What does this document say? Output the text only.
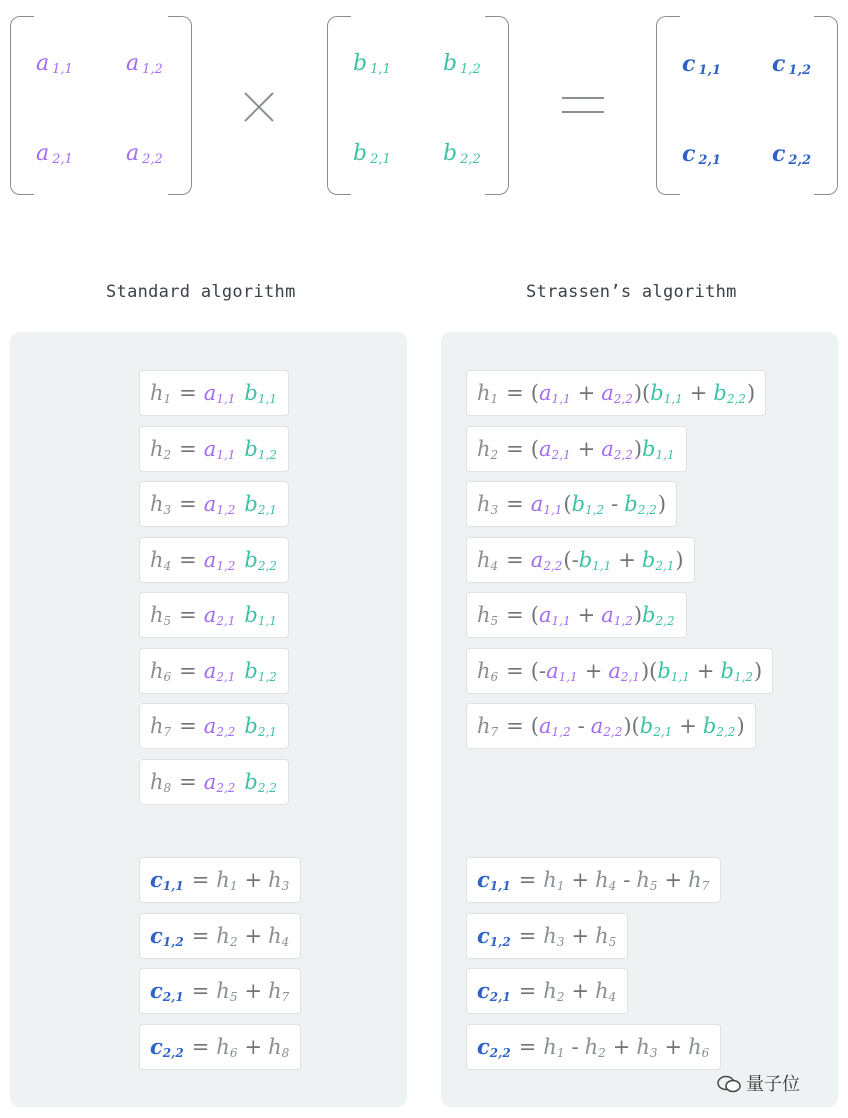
a $_{1,1}$ a $_{1,2}$
a $_{2,1}$ a $_{2,2}$
b $_{1,1}$ b $_{1,2}$
b $_{2,1}$ b $_{2,2}$
c $_{1,1}$ c $_{1,2}$
c $_{2,1}$ c $_{2,2}$
Standard algorithm	Strassen’s algorithm
$h_1 = a_{1,1}$ $b_{1,1}$
$h_2 = a_{1,1}$ $b_{1,2}$
$h_3 = a_{1,2}$ $b_{2,1}$
$h_4 = a_{1,2}$ $b_{2,2}$
$h_5 = a_{2,1}$ $b_{1,1}$
$h_6 = a_{2,1}$ $b_{1,2}$
$h_7 = a_{2,2}$ $b_{2,1}$
$h_8 = a_{2,2}$ $b_{2,2}$
$c_{1,1} = h_1 + h_3$
$c_{1,2} = h_2 + h_4$
$c_{2,1} = h_5 + h_7$
$c_{2,2} = h_6 + h_8$
$h_1$ = ( $a_{1,1} + a_{2,2}$ ) ( $b_{1,1} + b_{2,2}$ )
$h_2$ = ( $a_{2,1} + a_{2,2}$ ) $b_{1,1}$
$h_3 = a_{1,1}$ ( $b_{1,2} - b_{2,2}$ )
$h_4 = a_{2,2}$ (- $b_{1,1} + b_{2,1}$ )
$h_5$ = ( $a_{1,1} + a_{1,2}$ ) $b_{2,2}$
$h_6$ = (- $a_{1,1} + a_{2,1}$ ) ( $b_{1,1} + b_{1,2}$ )
$h_7$ = ( $a_{1,2} - a_{2,2}$ )( $b_{2,1} + b_{2,2}$ )
$c_{1,1} = h_1 + h_4 - h_5 + h_7$
$c_{1,2} = h_3 + h_5$
$c_{2,1} = h_2 + h_4$
$c_{2,2} = h_1 - h_2 + h_3 + h_6$
量子位
